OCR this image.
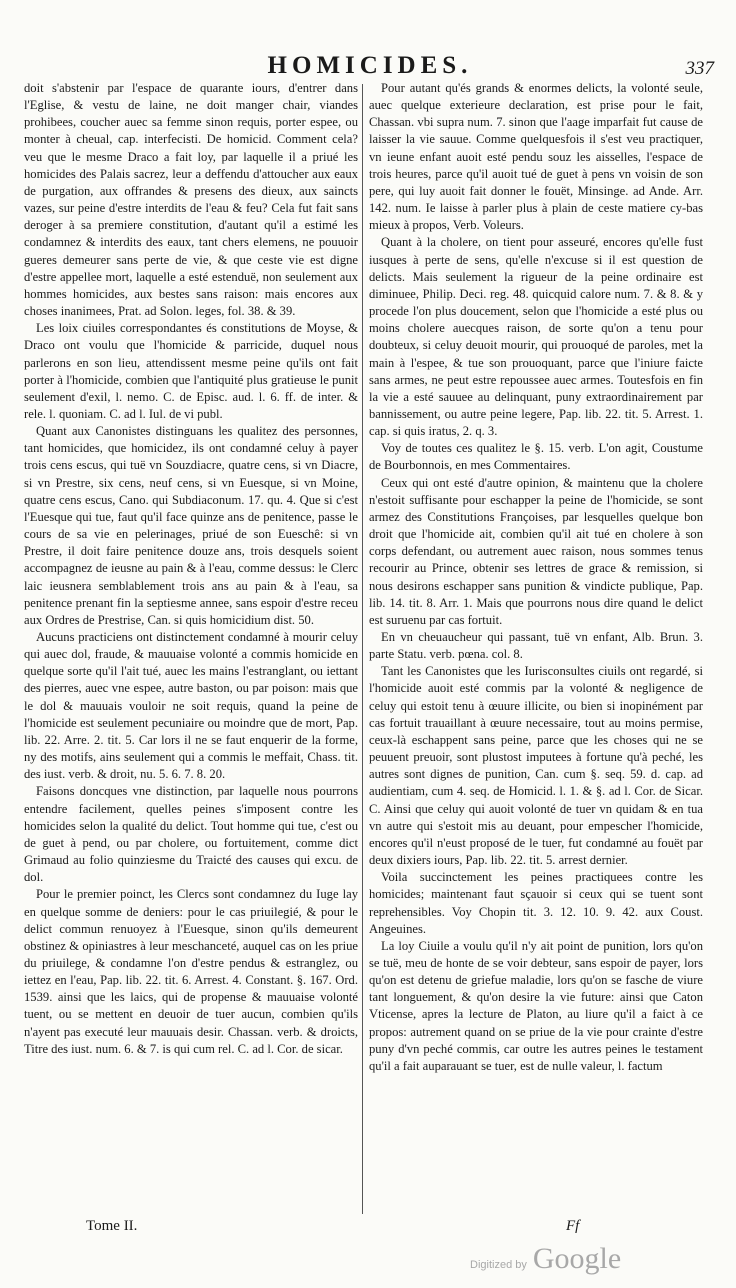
HOMICIDES.	337

doit s'abstenir par l'espace de quarante iours, d'entrer dans l'Eglise, & vestu de laine, ne doit manger chair, viandes prohibees, coucher auec sa femme sinon requis, porter espee, ou monter à cheual, cap. interfecisti. De homicid. Comment cela? veu que le mesme Draco a fait loy, par laquelle il a priué les homicides des Palais sacrez, leur a deffendu d'attoucher aux eaux de purgation, aux offrandes & presens des dieux, aux saincts vazes, sur peine d'estre interdits de l'eau & feu? Cela fut fait sans deroger à sa premiere constitution, d'autant qu'il a estimé les condamnez & interdits des eaux, tant chers elemens, ne pouuoir gueres demeurer sans perte de vie, & que ceste vie est digne d'estre appellee mort, laquelle a esté estenduë, non seulement aux hommes homicides, aux bestes sans raison: mais encores aux choses inanimees, Prat. ad Solon. leges, fol. 38. & 39.

Les loix ciuiles correspondantes és constitutions de Moyse, & Draco ont voulu que l'homicide & parricide, duquel nous parlerons en son lieu, attendissent mesme peine qu'ils ont fait porter à l'homicide, combien que l'antiquité plus gratieuse le punit seulement d'exil, l. nemo. C. de Episc. aud. l. 6. ff. de inter. & rele. l. quoniam. C. ad l. Iul. de vi publ.

Quant aux Canonistes distinguans les qualitez des personnes, tant homicides, que homicidez, ils ont condamné celuy à payer trois cens escus, qui tuë vn Souzdiacre, quatre cens, si vn Diacre, si vn Prestre, six cens, neuf cens, si vn Euesque, si vn Moine, quatre cens escus, Cano. qui Subdiaconum. 17. qu. 4. Que si c'est l'Euesque qui tue, faut qu'il face quinze ans de penitence, passe le cours de sa vie en pelerinages, priué de son Eueschê: si vn Prestre, il doit faire penitence douze ans, trois desquels soient accompagnez de ieusne au pain & à l'eau, comme dessus: le Clerc laic ieusnera semblablement trois ans au pain & à l'eau, sa penitence prenant fin la septiesme annee, sans espoir d'estre receu aux Ordres de Prestrise, Can. si quis homicidium dist. 50.

Aucuns practiciens ont distinctement condamné à mourir celuy qui auec dol, fraude, & mauuaise volonté a commis homicide en quelque sorte qu'il l'ait tué, auec les mains l'estranglant, ou iettant des pierres, auec vne espee, autre baston, ou par poison: mais que le dol & mauuais vouloir ne soit requis, quand la peine de l'homicide est seulement pecuniaire ou moindre que de mort, Pap. lib. 22. Arre. 2. tit. 5. Car lors il ne se faut enquerir de la forme, ny des motifs, ains seulement qui a commis le meffait, Chass. tit. des iust. verb. & droit, nu. 5. 6. 7. 8. 20.

Faisons doncques vne distinction, par laquelle nous pourrons entendre facilement, quelles peines s'imposent contre les homicides selon la qualité du delict. Tout homme qui tue, c'est ou de guet à pend, ou par cholere, ou fortuitement, comme dict Grimaud au folio quinziesme du Traicté des causes qui excu. de dol.

Pour le premier poinct, les Clercs sont condamnez du Iuge lay en quelque somme de deniers: pour le cas priuilegié, & pour le delict commun renuoyez à l'Euesque, sinon qu'ils demeurent obstinez & opiniastres à leur meschanceté, auquel cas on les priue du priuilege, & condamne l'on d'estre pendus & estranglez, ou iettez en l'eau, Pap. lib. 22. tit. 6. Arrest. 4. Constant. §. 167. Ord. 1539. ainsi que les laics, qui de propense & mauuaise volonté tuent, ou se mettent en deuoir de tuer aucun, combien qu'ils n'ayent pas executé leur mauuais desir. Chassan. verb. & droicts, Titre des iust. num. 6. & 7. is qui cum rel. C. ad l. Cor. de sicar.

Pour autant qu'és grands & enormes delicts, la volonté seule, auec quelque exterieure declaration, est prise pour le fait, Chassan. vbi supra num. 7. sinon que l'aage imparfait fut cause de laisser la vie sauue. Comme quelquesfois il s'est veu practiquer, vn ieune enfant auoit esté pendu souz les aisselles, l'espace de trois heures, parce qu'il auoit tué de guet à pens vn voisin de son pere, qui luy auoit fait donner le fouët, Minsinge. ad Ande. Arr. 142. num. Ie laisse à parler plus à plain de ceste matiere cy-bas mieux à propos, Verb. Voleurs.

Quant à la cholere, on tient pour asseuré, encores qu'elle fust iusques à perte de sens, qu'elle n'excuse si il est question de delicts. Mais seulement la rigueur de la peine ordinaire est diminuee, Philip. Deci. reg. 48. quicquid calore num. 7. & 8. & y procede l'on plus doucement, selon que l'homicide a esté plus ou moins cholere auecques raison, de sorte qu'on a tenu pour doubteux, si celuy deuoit mourir, qui prouoqué de paroles, met la main à l'espee, & tue son prouoquant, parce que l'iniure faicte sans armes, ne peut estre repoussee auec armes. Toutesfois en fin la vie a esté sauuee au delinquant, puny extraordinairement par bannissement, ou autre peine legere, Pap. lib. 22. tit. 5. Arrest. 1. cap. si quis iratus, 2. q. 3.

Voy de toutes ces qualitez le §. 15. verb. L'on agit, Coustume de Bourbonnois, en mes Commentaires.

Ceux qui ont esté d'autre opinion, & maintenu que la cholere n'estoit suffisante pour eschapper la peine de l'homicide, se sont armez des Constitutions Françoises, par lesquelles quelque bon droit que l'homicide ait, combien qu'il ait tué en cholere à son corps defendant, ou autrement auec raison, nous sommes tenus recourir au Prince, obtenir ses lettres de grace & remission, si nous desirons eschapper sans punition & vindicte publique, Pap. lib. 14. tit. 8. Arr. 1. Mais que pourrons nous dire quand le delict est suruenu par cas fortuit.

En vn cheuaucheur qui passant, tuë vn enfant, Alb. Brun. 3. parte Statu. verb. pœna. col. 8.

Tant les Canonistes que les Iurisconsultes ciuils ont regardé, si l'homicide auoit esté commis par la volonté & negligence de celuy qui estoit tenu à œuure illicite, ou bien si inopinément par cas fortuit trauaillant à œuure necessaire, tout au moins permise, ceux-là eschappent sans peine, parce que les choses qui ne se peuuent preuoir, sont plustost imputees à fortune qu'à peché, les autres sont dignes de punition, Can. cum §. seq. 59. d. cap. ad audientiam, cum 4. seq. de Homicid. l. 1. & §. ad l. Cor. de Sicar. C. Ainsi que celuy qui auoit volonté de tuer vn quidam & en tua vn autre qui s'estoit mis au deuant, pour empescher l'homicide, encores qu'il n'eust proposé de le tuer, fut condamné au fouët par deux dixiers iours, Pap. lib. 22. tit. 5. arrest dernier.

Voila succinctement les peines practiquees contre les homicides; maintenant faut sçauoir si ceux qui se tuent sont reprehensibles. Voy Chopin tit. 3. 12. 10. 9. 42. aux Coust. Angeuines.

La loy Ciuile a voulu qu'il n'y ait point de punition, lors qu'on se tuë, meu de honte de se voir debteur, sans espoir de payer, lors qu'on est detenu de griefue maladie, lors qu'on se fasche de viure tant longuement, & qu'on desire la vie future: ainsi que Caton Vticense, apres la lecture de Platon, au liure qu'il a faict à ce propos: autrement quand on se priue de la vie pour crainte d'estre puny d'vn peché commis, car outre les autres peines le testament qu'il a fait auparauant se tuer, est de nulle valeur, l. factum

Tome II.	Ff
Digitized by Google
